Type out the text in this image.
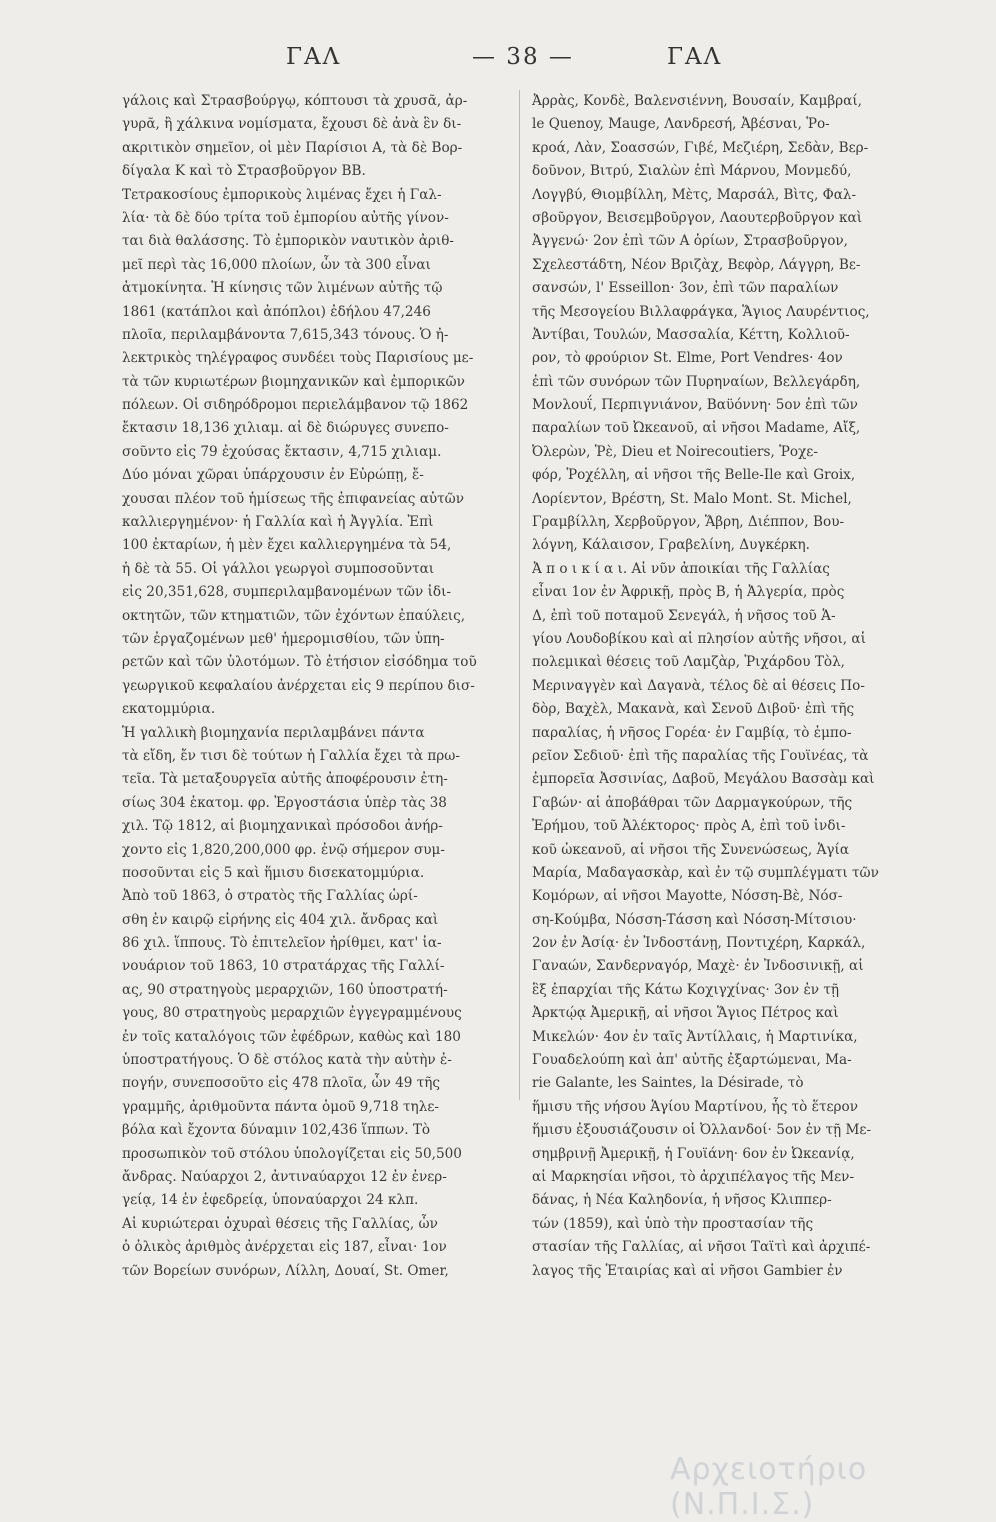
ΓΑΛ	— 38 —	ΓΑΛ
γάλοις καὶ Στρασβούργῳ, κόπτουσι τὰ χρυσᾶ, ἀρ-
γυρᾶ, ἢ χάλκινα νομίσματα, ἔχουσι δὲ ἀνὰ ἓν δι-
ακριτικὸν σημεῖον, οἱ μὲν Παρίσιοι Α, τὰ δὲ Βορ-
δίγαλα Κ καὶ τὸ Στρασβοῦργον ΒΒ.
Τετρακοσίους ἐμπορικοὺς λιμένας ἔχει ἡ Γαλ-
λία· τὰ δὲ δύο τρίτα τοῦ ἐμπορίου αὐτῆς γίνον-
ται διὰ θαλάσσης. Τὸ ἐμπορικὸν ναυτικὸν ἀριθ-
μεῖ περὶ τὰς 16,000 πλοίων, ὧν τὰ 300 εἶναι
ἀτμοκίνητα. Ἡ κίνησις τῶν λιμένων αὐτῆς τῷ
1861 (κατάπλοι καὶ ἀπόπλοι) ἐδήλου 47,246
πλοῖα, περιλαμβάνοντα 7,615,343 τόνους. Ὁ ἠ-
λεκτρικὸς τηλέγραφος συνδέει τοὺς Παρισίους με-
τὰ τῶν κυριωτέρων βιομηχανικῶν καὶ ἐμπορικῶν
πόλεων. Οἱ σιδηρόδρομοι περιελάμβανον τῷ 1862
ἔκτασιν 18,136 χιλιαμ. αἱ δὲ διώρυγες συνεπο-
σοῦντο εἰς 79 ἐχούσας ἔκτασιν, 4,715 χιλιαμ.
Δύο μόναι χῶραι ὑπάρχουσιν ἐν Εὐρώπῃ, ἔ-
χουσαι πλέον τοῦ ἡμίσεως τῆς ἐπιφανείας αὐτῶν
καλλιεργημένον· ἡ Γαλλία καὶ ἡ Ἀγγλία. Ἐπὶ
100 ἐκταρίων, ἡ μὲν ἔχει καλλιεργημένα τὰ 54,
ἡ δὲ τὰ 55. Οἱ γάλλοι γεωργοὶ συμποσοῦνται
εἰς 20,351,628, συμπεριλαμβανομένων τῶν ἰδι-
οκτητῶν, τῶν κτηματιῶν, τῶν ἐχόντων ἐπαύλεις,
τῶν ἐργαζομένων μεθ' ἡμερομισθίου, τῶν ὑπη-
ρετῶν καὶ τῶν ὑλοτόμων. Τὸ ἐτήσιον εἰσόδημα τοῦ
γεωργικοῦ κεφαλαίου ἀνέρχεται εἰς 9 περίπου δισ-
εκατομμύρια.
Ἡ γαλλικὴ βιομηχανία περιλαμβάνει πάντα
τὰ εἴδη, ἔν τισι δὲ τούτων ἡ Γαλλία ἔχει τὰ πρω-
τεῖα. Τὰ μεταξουργεῖα αὐτῆς ἀποφέρουσιν ἐτη-
σίως 304 ἑκατομ. φρ. Ἐργοστάσια ὑπὲρ τὰς 38
χιλ. Τῷ 1812, αἱ βιομηχανικαὶ πρόσοδοι ἀνήρ-
χοντο εἰς 1,820,200,000 φρ. ἐνῷ σήμερον συμ-
ποσοῦνται εἰς 5 καὶ ἥμισυ δισεκατομμύρια.
Ἀπὸ τοῦ 1863, ὁ στρατὸς τῆς Γαλλίας ὡρί-
σθη ἐν καιρῷ εἰρήνης εἰς 404 χιλ. ἄνδρας καὶ
86 χιλ. ἵππους. Τὸ ἐπιτελεῖον ἠρίθμει, κατ' ἰα-
νουάριον τοῦ 1863, 10 στρατάρχας τῆς Γαλλί-
ας, 90 στρατηγοὺς μεραρχιῶν, 160 ὑποστρατή-
γους, 80 στρατηγοὺς μεραρχιῶν ἐγγεγραμμένους
ἐν τοῖς καταλόγοις τῶν ἐφέδρων, καθὼς καὶ 180
ὑποστρατήγους. Ὁ δὲ στόλος κατὰ τὴν αὐτὴν ἐ-
πογήν, συνεποσοῦτο εἰς 478 πλοῖα, ὧν 49 τῆς
γραμμῆς, ἀριθμοῦντα πάντα ὁμοῦ 9,718 τηλε-
βόλα καὶ ἔχοντα δύναμιν 102,436 ἵππων. Τὸ
προσωπικὸν τοῦ στόλου ὑπολογίζεται εἰς 50,500
ἄνδρας. Ναύαρχοι 2, ἀντιναύαρχοι 12 ἐν ἐνερ-
γείᾳ, 14 ἐν ἐφεδρείᾳ, ὑποναύαρχοι 24 κλπ.
Αἱ κυριώτεραι ὀχυραὶ θέσεις τῆς Γαλλίας, ὧν
ὁ ὁλικὸς ἀριθμὸς ἀνέρχεται εἰς 187, εἶναι· 1ον
τῶν Βορείων συνόρων, Λίλλη, Δουαί, St. Omer,
Ἀρρὰς, Κονδὲ, Βαλενσιέννη, Βουσαίν, Καμβραί,
le Quenoy, Mauge, Λανδρεσή, Ἀβέσναι, Ῥο-
κροά, Λὰν, Σοασσών, Γιβέ, Μεζιέρη, Σεδὰν, Βερ-
δοῦνον, Βιτρύ, Σιαλὼν ἐπὶ Μάρνου, Μονμεδύ,
Λογγβύ, Θιομβίλλη, Μὲτς, Μαρσάλ, Βὶτς, Φαλ-
σβοῦργον, Βεισεμβοῦργον, Λαουτερβοῦργον καὶ
Ἀγγενώ· 2ον ἐπὶ τῶν Α ὁρίων, Στρασβοῦργον,
Σχελεστάδτη, Νέον Βριζὰχ, Βεφὸρ, Λάγγρη, Βε-
σανσών, l' Esseillon· 3ον, ἐπὶ τῶν παραλίων
τῆς Μεσογείου Βιλλαφράγκα, Ἅγιος Λαυρέντιος,
Ἀντίβαι, Τουλών, Μασσαλία, Κέττη, Κολλιοῦ-
ρον, τὸ φρούριον St. Elme, Port Vendres· 4ον
ἐπὶ τῶν συνόρων τῶν Πυρηναίων, Βελλεγάρδη,
Μονλουΐ, Περπιγνιάνον, Βαϋόννη· 5ον ἐπὶ τῶν
παραλίων τοῦ Ὠκεανοῦ, αἱ νῆσοι Madame, Αἴξ,
Ὀλερὼν, Ῥὲ, Dieu et Noirecoutiers, Ῥοχε-
φόρ, Ῥοχέλλη, αἱ νῆσοι τῆς Belle-Ile καὶ Groix,
Λορίεντον, Βρέστη, St. Malo Mont. St. Michel,
Γραμβίλλη, Χερβοῦργον, Ἅβρη, Διέππον, Βου-
λόγνη, Κάλαισον, Γραβελίνη, Δυγκέρκη.
Ἀ π ο ι κ ί α ι. Αἱ νῦν ἀποικίαι τῆς Γαλλίας
εἶναι 1ον ἐν Ἀφρικῇ, πρὸς Β, ἡ Ἀλγερία, πρὸς
Δ, ἐπὶ τοῦ ποταμοῦ Σενεγάλ, ἡ νῆσος τοῦ Ἁ-
γίου Λουδοβίκου καὶ αἱ πλησίον αὐτῆς νῆσοι, αἱ
πολεμικαὶ θέσεις τοῦ Λαμζὰρ, Ῥιχάρδου Τὸλ,
Μεριναγγὲν καὶ Δαγανὰ, τέλος δὲ αἱ θέσεις Πο-
δὸρ, Βαχὲλ, Μακανὰ, καὶ Σενοῦ Διβοῦ· ἐπὶ τῆς
παραλίας, ἡ νῆσος Γορέα· ἐν Γαμβίᾳ, τὸ ἐμπο-
ρεῖον Σεδιοῦ· ἐπὶ τῆς παραλίας τῆς Γουϊνέας, τὰ
ἐμπορεῖα Ἀσσινίας, Δαβοῦ, Μεγάλου Βασσὰμ καὶ
Γαβών· αἱ ἀποβάθραι τῶν Δαρμαγκούρων, τῆς
Ἐρήμου, τοῦ Ἀλέκτορος· πρὸς Α, ἐπὶ τοῦ ἰνδι-
κοῦ ὠκεανοῦ, αἱ νῆσοι τῆς Συνενώσεως, Ἁγία
Μαρία, Μαδαγασκὰρ, καὶ ἐν τῷ συμπλέγματι τῶν
Κομόρων, αἱ νῆσοι Mayotte, Νόσση-Βὲ, Νόσ-
ση-Κούμβα, Νόσση-Τάσση καὶ Νόσση-Μίτσιου·
2ον ἐν Ἀσίᾳ· ἐν Ἰνδοστάνῃ, Ποντιχέρη, Καρκάλ,
Γαναών, Σανδερναγόρ, Μαχὲ· ἐν Ἰνδοσινικῇ, αἱ
ἓξ ἐπαρχίαι τῆς Κάτω Κοχιγχίνας· 3ον ἐν τῇ
Ἀρκτῴᾳ Ἀμερικῇ, αἱ νῆσοι Ἅγιος Πέτρος καὶ
Μικελών· 4ον ἐν ταῖς Ἀντίλλαις, ἡ Μαρτινίκα,
Γουαδελούπη καὶ ἀπ' αὐτῆς ἐξαρτώμεναι, Ma-
rie Galante, les Saintes, la Désirade, τὸ
ἥμισυ τῆς νήσου Ἁγίου Μαρτίνου, ἧς τὸ ἕτερον
ἥμισυ ἐξουσιάζουσιν οἱ Ὀλλανδοί· 5ον ἐν τῇ Με-
σημβρινῇ Ἀμερικῇ, ἡ Γουϊάνη· 6ον ἐν Ὠκεανίᾳ,
αἱ Μαρκησίαι νῆσοι, τὸ ἀρχιπέλαγος τῆς Μεν-
δάνας, ἡ Νέα Καληδονία, ἡ νῆσος Κλιππερ-
τών (1859), καὶ ὑπὸ τὴν προστασίαν τῆς
στασίαν τῆς Γαλλίας, αἱ νῆσοι Ταϊτὶ καὶ ἀρχιπέ-
λαγος τῆς Ἑταιρίας καὶ αἱ νῆσοι Gambier ἐν
Αρχειοτήριο (Ν.Π.Ι.Σ.)
